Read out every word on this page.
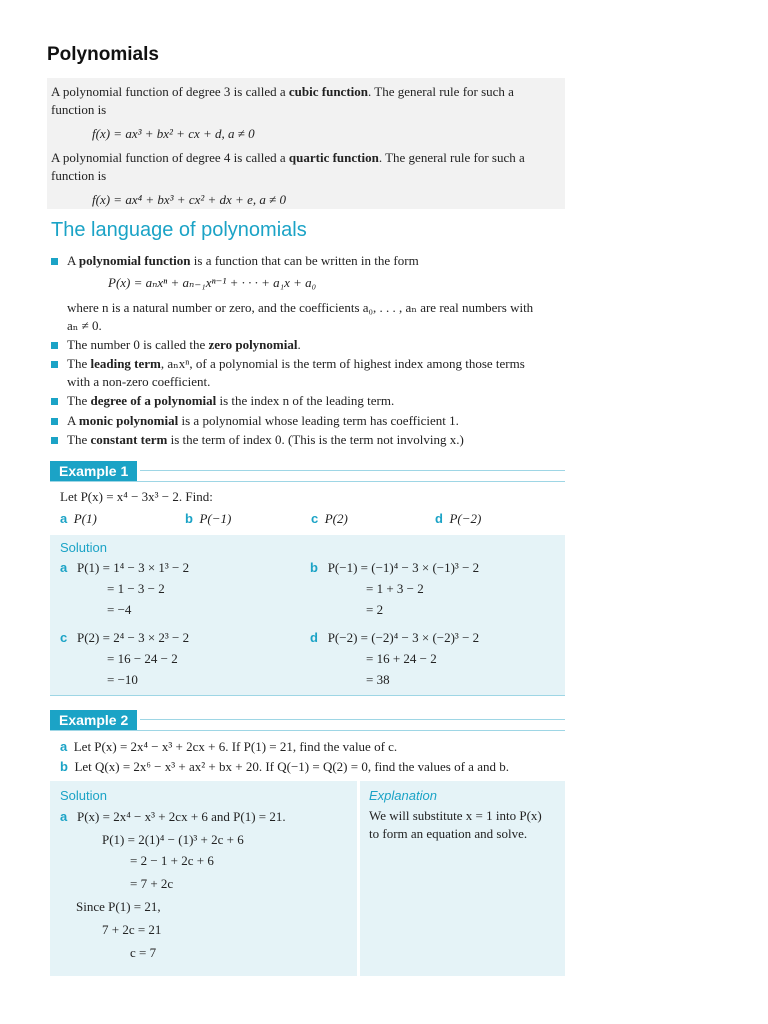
Polynomials
A polynomial function of degree 3 is called a cubic function. The general rule for such a
function is
f(x) = ax³ + bx² + cx + d, a ≠ 0
A polynomial function of degree 4 is called a quartic function. The general rule for such a
function is
f(x) = ax⁴ + bx³ + cx² + dx + e, a ≠ 0
The language of polynomials
A polynomial function is a function that can be written in the form
P(x) = aₙxⁿ + aₙ₋₁xⁿ⁻¹ + · · · + a₁x + a₀
where n is a natural number or zero, and the coefficients a₀, . . . , aₙ are real numbers with
aₙ ≠ 0.
The number 0 is called the zero polynomial.
The leading term, aₙxⁿ, of a polynomial is the term of highest index among those terms
with a non-zero coefficient.
The degree of a polynomial is the index n of the leading term.
A monic polynomial is a polynomial whose leading term has coefficient 1.
The constant term is the term of index 0. (This is the term not involving x.)
Example 1
Let P(x) = x⁴ − 3x³ − 2. Find:
a P(1)	b P(−1)	c P(2)	d P(−2)
Solution
a P(1) = 1⁴ − 3 × 1³ − 2
= 1 − 3 − 2
= −4
b P(−1) = (−1)⁴ − 3 × (−1)³ − 2
= 1 + 3 − 2
= 2
c P(2) = 2⁴ − 3 × 2³ − 2
= 16 − 24 − 2
= −10
d P(−2) = (−2)⁴ − 3 × (−2)³ − 2
= 16 + 24 − 2
= 38
Example 2
a Let P(x) = 2x⁴ − x³ + 2cx + 6. If P(1) = 21, find the value of c.
b Let Q(x) = 2x⁶ − x³ + ax² + bx + 20. If Q(−1) = Q(2) = 0, find the values of a and b.
Solution	Explanation
a P(x) = 2x⁴ − x³ + 2cx + 6 and P(1) = 21.
P(1) = 2(1)⁴ − (1)³ + 2c + 6
= 2 − 1 + 2c + 6
= 7 + 2c
Since P(1) = 21,
7 + 2c = 21
c = 7
We will substitute x = 1 into P(x)
to form an equation and solve.
